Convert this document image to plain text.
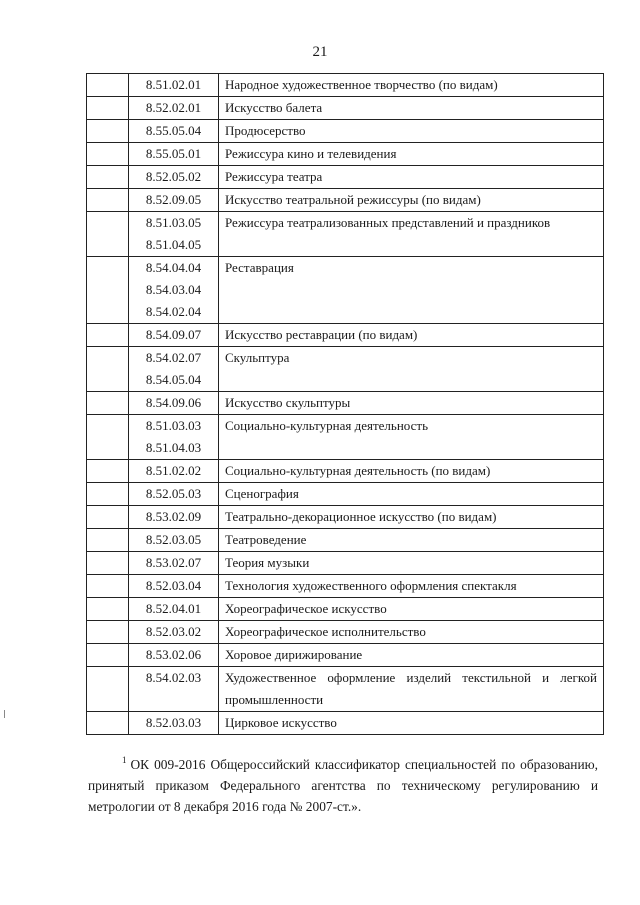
21

	8.51.02.01	Народное художественное творчество (по видам)

	8.52.02.01	Искусство балета

	8.55.05.04	Продюсерство

	8.55.05.01	Режиссура кино и телевидения

	8.52.05.02	Режиссура театра

	8.52.09.05	Искусство театральной режиссуры (по видам)

	8.51.03.05
8.51.04.05	Режиссура театрализованных представлений и праздников

	8.54.04.04
8.54.03.04
8.54.02.04	Реставрация

	8.54.09.07	Искусство реставрации (по видам)

	8.54.02.07
8.54.05.04	Скульптура

	8.54.09.06	Искусство скульптуры

	8.51.03.03
8.51.04.03	Социально-культурная деятельность

	8.51.02.02	Социально-культурная деятельность (по видам)

	8.52.05.03	Сценография

	8.53.02.09	Театрально-декорационное искусство (по видам)

	8.52.03.05	Театроведение

	8.53.02.07	Теория музыки

	8.52.03.04	Технология художественного оформления спектакля

	8.52.04.01	Хореографическое искусство

	8.52.03.02	Хореографическое исполнительство

	8.53.02.06	Хоровое дирижирование

	8.54.02.03	Художественное оформление изделий текстильной и легкой
промышленности

	8.52.03.03	Цирковое искусство
$^1$ ОК 009-2016 Общероссийский классификатор специальностей по образованию,
принятый приказом Федерального агентства по техническому регулированию и
метрологии от 8 декабря 2016 года № 2007-ст.».
